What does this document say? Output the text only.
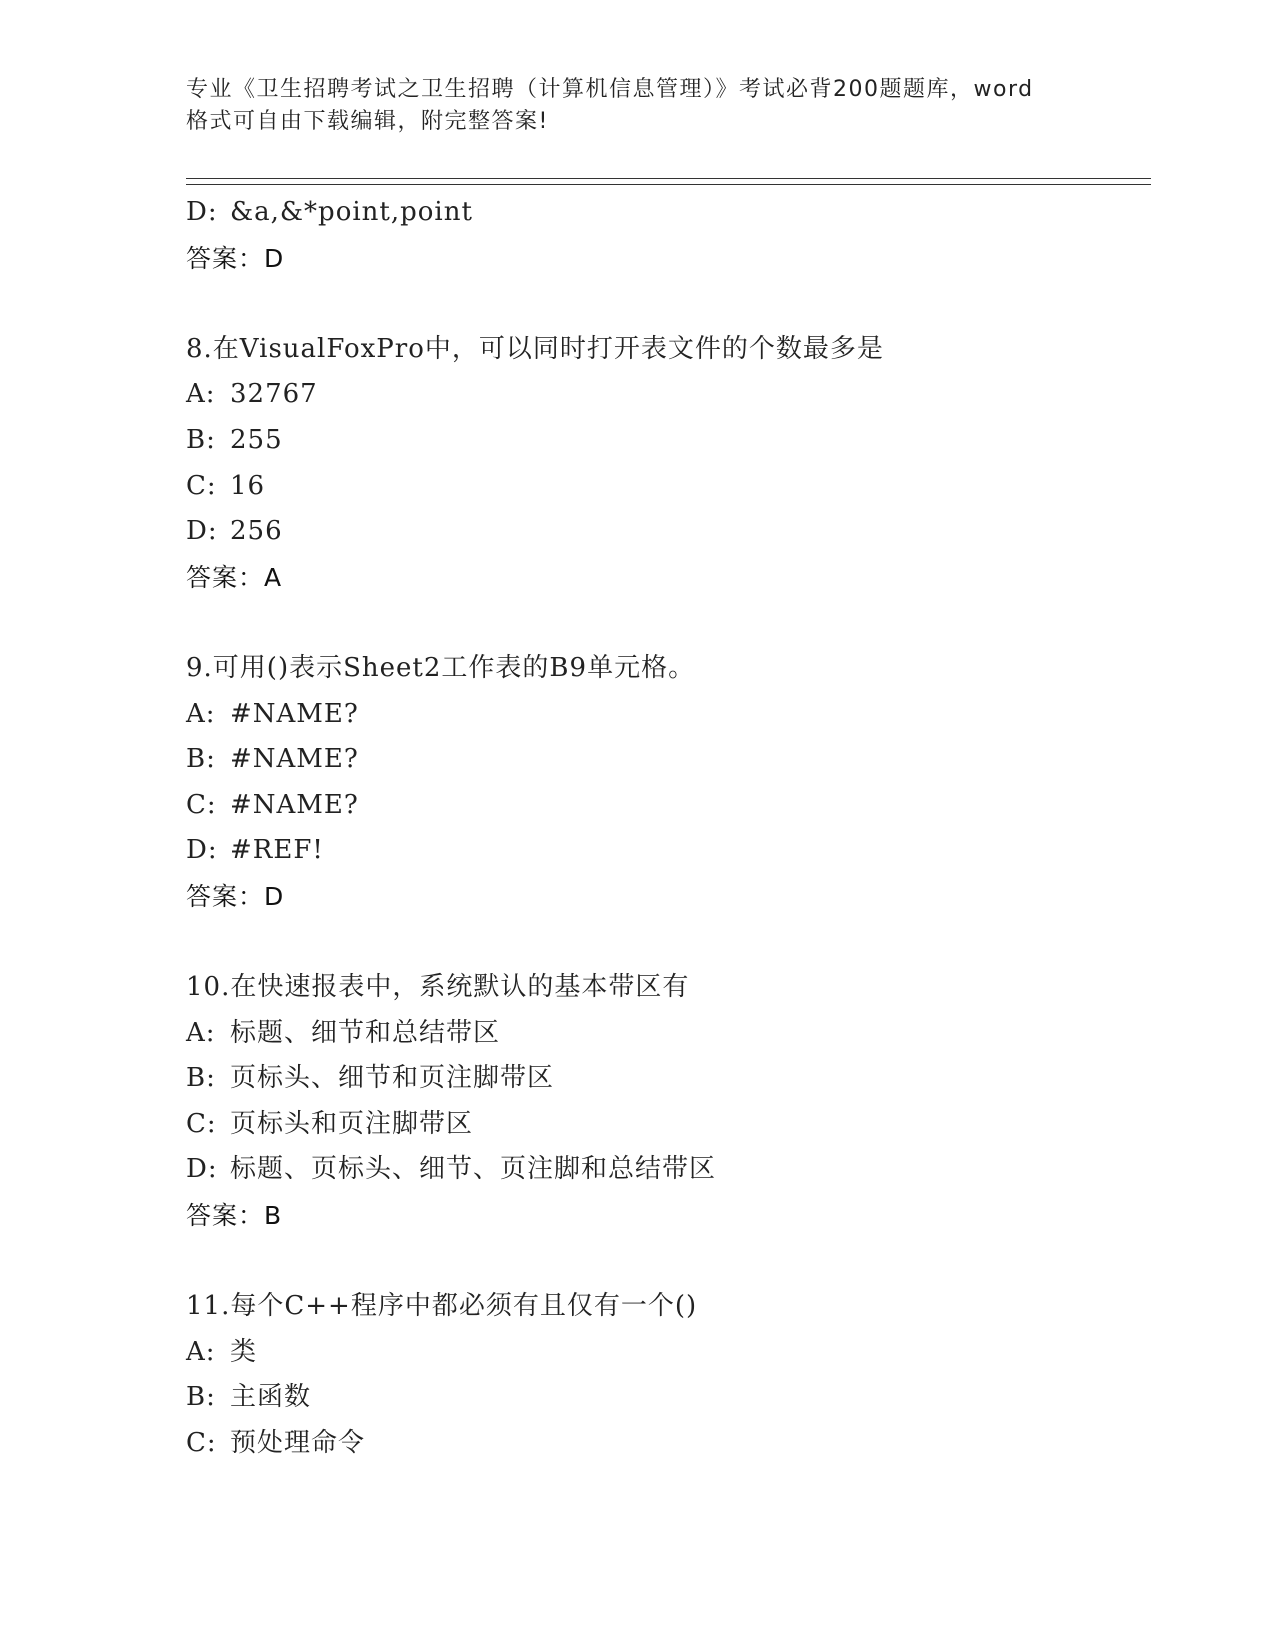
专业《卫生招聘考试之卫生招聘（计算机信息管理）》考试必背200题题库，word
格式可自由下载编辑，附完整答案!
D: &a,&*point,point
答案：D
8.在VisualFoxPro中，可以同时打开表文件的个数最多是
A: 32767
B: 255
C: 16
D: 256
答案：A
9.可用()表示Sheet2工作表的B9单元格。
A: #NAME?
B: #NAME?
C: #NAME?
D: #REF!
答案：D
10.在快速报表中，系统默认的基本带区有
A: 标题、细节和总结带区
B: 页标头、细节和页注脚带区
C: 页标头和页注脚带区
D: 标题、页标头、细节、页注脚和总结带区
答案：B
11.每个C++程序中都必须有且仅有一个()
A: 类
B: 主函数
C: 预处理命令
